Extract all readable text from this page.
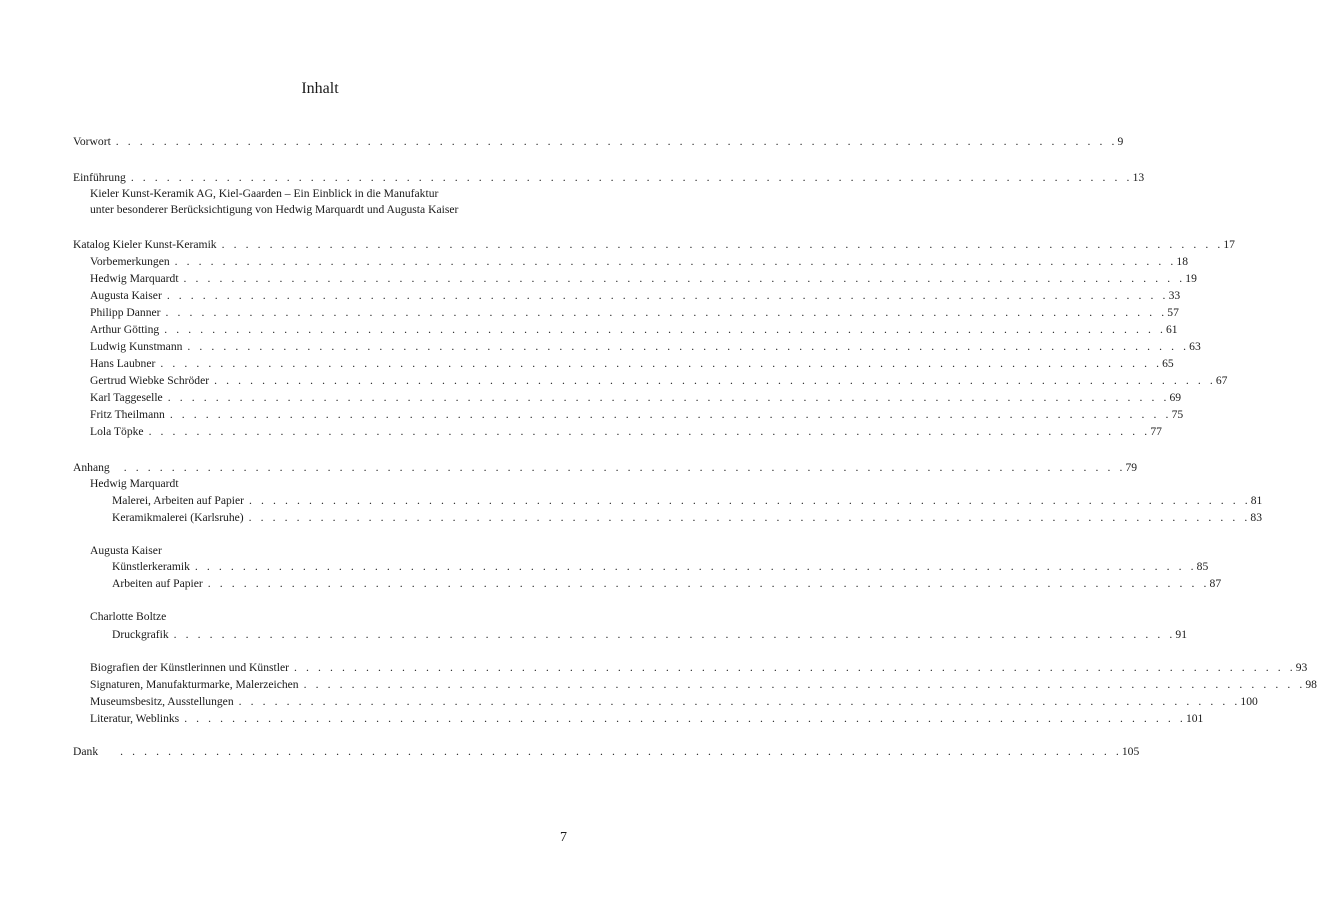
Inhalt
Vorwort . . . . . . . . . . . . . . . . . . . . . . . . . . . . . . . . . . . . . . . . . . . . . . . . . . . . . . . . . . . . . . . . . . . . . . . . . . . . . . . . . . . . 9
Einführung . . . . . . . . . . . . . . . . . . . . . . . . . . . . . . . . . . . . . . . . . . . . . . . . . . . . . . . . . . . . . . . . . . . . . . . . . . . . . . . . . . . . 13
Kieler Kunst-Keramik AG, Kiel-Gaarden – Ein Einblick in die Manufaktur
unter besonderer Berücksichtigung von Hedwig Marquardt und Augusta Kaiser
Katalog Kieler Kunst-Keramik . . . . . . . . . . . . . . . . . . . . . . . . . . . . . . . . . . . . . . . . . . . . . . . . . . . . . . . . . . . . . . . . . . . . . . . . . . . . . . . . . . . . 17
Vorbemerkungen . . . . . . . . . . . . . . . . . . . . . . . . . . . . . . . . . . . . . . . . . . . . . . . . . . . . . . . . . . . . . . . . . . . . . . . . . . . . . . . . . . . . 18
Hedwig Marquardt . . . . . . . . . . . . . . . . . . . . . . . . . . . . . . . . . . . . . . . . . . . . . . . . . . . . . . . . . . . . . . . . . . . . . . . . . . . . . . . . . . . . 19
Augusta Kaiser . . . . . . . . . . . . . . . . . . . . . . . . . . . . . . . . . . . . . . . . . . . . . . . . . . . . . . . . . . . . . . . . . . . . . . . . . . . . . . . . . . . . 33
Philipp Danner . . . . . . . . . . . . . . . . . . . . . . . . . . . . . . . . . . . . . . . . . . . . . . . . . . . . . . . . . . . . . . . . . . . . . . . . . . . . . . . . . . . . 57
Arthur Götting . . . . . . . . . . . . . . . . . . . . . . . . . . . . . . . . . . . . . . . . . . . . . . . . . . . . . . . . . . . . . . . . . . . . . . . . . . . . . . . . . . . . 61
Ludwig Kunstmann . . . . . . . . . . . . . . . . . . . . . . . . . . . . . . . . . . . . . . . . . . . . . . . . . . . . . . . . . . . . . . . . . . . . . . . . . . . . . . . . . . . . 63
Hans Laubner . . . . . . . . . . . . . . . . . . . . . . . . . . . . . . . . . . . . . . . . . . . . . . . . . . . . . . . . . . . . . . . . . . . . . . . . . . . . . . . . . . . . 65
Gertrud Wiebke Schröder . . . . . . . . . . . . . . . . . . . . . . . . . . . . . . . . . . . . . . . . . . . . . . . . . . . . . . . . . . . . . . . . . . . . . . . . . . . . . . . . . . . . 67
Karl Taggeselle . . . . . . . . . . . . . . . . . . . . . . . . . . . . . . . . . . . . . . . . . . . . . . . . . . . . . . . . . . . . . . . . . . . . . . . . . . . . . . . . . . . . 69
Fritz Theilmann . . . . . . . . . . . . . . . . . . . . . . . . . . . . . . . . . . . . . . . . . . . . . . . . . . . . . . . . . . . . . . . . . . . . . . . . . . . . . . . . . . . . 75
Lola Töpke . . . . . . . . . . . . . . . . . . . . . . . . . . . . . . . . . . . . . . . . . . . . . . . . . . . . . . . . . . . . . . . . . . . . . . . . . . . . . . . . . . . . 77
Anhang . . . . . . . . . . . . . . . . . . . . . . . . . . . . . . . . . . . . . . . . . . . . . . . . . . . . . . . . . . . . . . . . . . . . . . . . . . . . . . . . . . . . 79
Hedwig Marquardt
Malerei, Arbeiten auf Papier . . . . . . . . . . . . . . . . . . . . . . . . . . . . . . . . . . . . . . . . . . . . . . . . . . . . . . . . . . . . . . . . . . . . . . . . . . . . . . . . . . . . 81
Keramikmalerei (Karlsruhe) . . . . . . . . . . . . . . . . . . . . . . . . . . . . . . . . . . . . . . . . . . . . . . . . . . . . . . . . . . . . . . . . . . . . . . . . . . . . . . . . . . . . 83
Augusta Kaiser
Künstlerkeramik . . . . . . . . . . . . . . . . . . . . . . . . . . . . . . . . . . . . . . . . . . . . . . . . . . . . . . . . . . . . . . . . . . . . . . . . . . . . . . . . . . . . 85
Arbeiten auf Papier . . . . . . . . . . . . . . . . . . . . . . . . . . . . . . . . . . . . . . . . . . . . . . . . . . . . . . . . . . . . . . . . . . . . . . . . . . . . . . . . . . . . 87
Charlotte Boltze
Druckgrafik . . . . . . . . . . . . . . . . . . . . . . . . . . . . . . . . . . . . . . . . . . . . . . . . . . . . . . . . . . . . . . . . . . . . . . . . . . . . . . . . . . . . 91
Biografien der Künstlerinnen und Künstler . . . . . . . . . . . . . . . . . . . . . . . . . . . . . . . . . . . . . . . . . . . . . . . . . . . . . . . . . . . . . . . . . . . . . . . . . . . . . . . . . . . . 93
Signaturen, Manufakturmarke, Malerzeichen . . . . . . . . . . . . . . . . . . . . . . . . . . . . . . . . . . . . . . . . . . . . . . . . . . . . . . . . . . . . . . . . . . . . . . . . . . . . . . . . . . . . 98
Museumsbesitz, Ausstellungen . . . . . . . . . . . . . . . . . . . . . . . . . . . . . . . . . . . . . . . . . . . . . . . . . . . . . . . . . . . . . . . . . . . . . . . . . . . . . . . . . . . . 100
Literatur, Weblinks . . . . . . . . . . . . . . . . . . . . . . . . . . . . . . . . . . . . . . . . . . . . . . . . . . . . . . . . . . . . . . . . . . . . . . . . . . . . . . . . . . . . 101
Dank . . . . . . . . . . . . . . . . . . . . . . . . . . . . . . . . . . . . . . . . . . . . . . . . . . . . . . . . . . . . . . . . . . . . . . . . . . . . . . . . . . . . 105
7
